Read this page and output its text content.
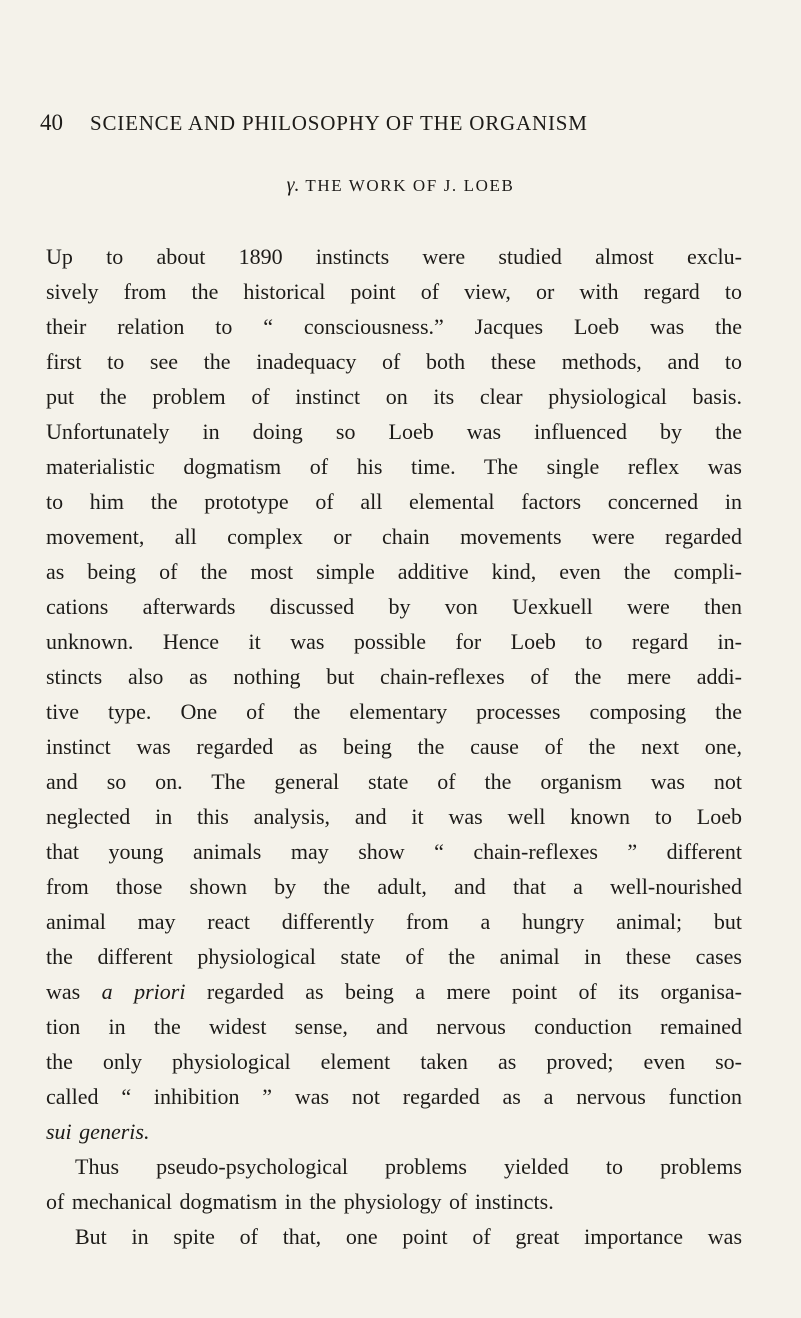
40 SCIENCE AND PHILOSOPHY OF THE ORGANISM
γ. THE WORK OF J. LOEB
Up to about 1890 instincts were studied almost exclu-
sively from the historical point of view, or with regard to
their relation to “ consciousness.” Jacques Loeb was the
first to see the inadequacy of both these methods, and to
put the problem of instinct on its clear physiological basis.
Unfortunately in doing so Loeb was influenced by the
materialistic dogmatism of his time. The single reflex was
to him the prototype of all elemental factors concerned in
movement, all complex or chain movements were regarded
as being of the most simple additive kind, even the compli-
cations afterwards discussed by von Uexkuell were then
unknown. Hence it was possible for Loeb to regard in-
stincts also as nothing but chain-reflexes of the mere addi-
tive type. One of the elementary processes composing the
instinct was regarded as being the cause of the next one,
and so on. The general state of the organism was not
neglected in this analysis, and it was well known to Loeb
that young animals may show “ chain-reflexes ” different
from those shown by the adult, and that a well-nourished
animal may react differently from a hungry animal; but
the different physiological state of the animal in these cases
was a priori regarded as being a mere point of its organisa-
tion in the widest sense, and nervous conduction remained
the only physiological element taken as proved; even so-
called “ inhibition ” was not regarded as a nervous function
sui generis.
Thus pseudo-psychological problems yielded to problems
of mechanical dogmatism in the physiology of instincts.
But in spite of that, one point of great importance was
